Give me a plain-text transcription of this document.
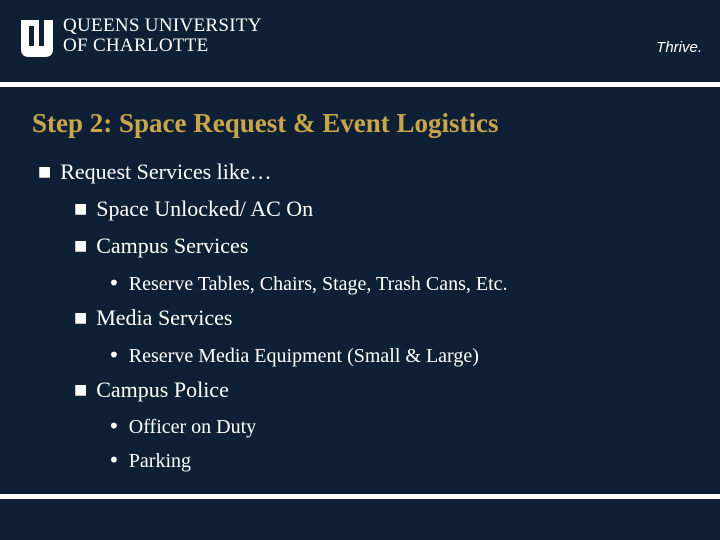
QUEENS UNIVERSITY
OF CHARLOTTE	Thrive.
Step 2: Space Request & Event Logistics
■ Request Services like…
■ Space Unlocked/ AC On
■ Campus Services
• Reserve Tables, Chairs, Stage, Trash Cans, Etc.
■ Media Services
• Reserve Media Equipment (Small & Large)
■ Campus Police
• Officer on Duty
• Parking
